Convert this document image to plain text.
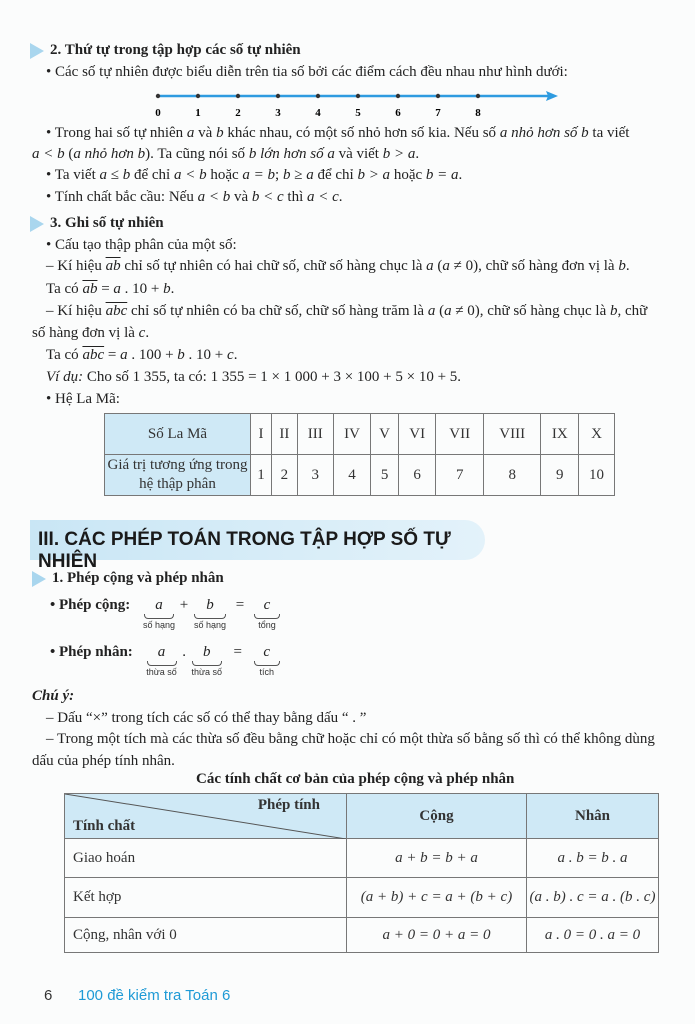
2. Thứ tự trong tập hợp các số tự nhiên
• Các số tự nhiên được biểu diễn trên tia số bởi các điểm cách đều nhau như hình dưới:
0	1	2	3	4	5	6	7	8
• Trong hai số tự nhiên a và b khác nhau, có một số nhỏ hơn số kia. Nếu số a nhỏ hơn số b ta viết
a < b (a nhỏ hơn b). Ta cũng nói số b lớn hơn số a và viết b > a.
• Ta viết a ≤ b để chỉ a < b hoặc a = b; b ≥ a để chỉ b > a hoặc b = a.
• Tính chất bắc cầu: Nếu a < b và b < c thì a < c.
3. Ghi số tự nhiên
• Cấu tạo thập phân của một số:
– Kí hiệu $\overline{ab}$ chỉ số tự nhiên có hai chữ số, chữ số hàng chục là a (a ≠ 0), chữ số hàng đơn vị là b.
Ta có $\overline{ab} = a$ . 10 + b.
– Kí hiệu $\overline{abc}$ chỉ số tự nhiên có ba chữ số, chữ số hàng trăm là a (a ≠ 0), chữ số hàng chục là b, chữ
số hàng đơn vị là c.
Ta có $\overline{abc} = a$ . 100 + b . 10 + c.
Ví dụ: Cho số 1 355, ta có: 1 355 = 1 × 1 000 + 3 × 100 + 5 × 10 + 5.
• Hệ La Mã:
Số La Mã	I	II	III	IV	V	VI	VII	VIII	IX	X
Giá trị tương ứng trong hệ thập phân	1	2	3	4	5	6	7	8	9	10
III. CÁC PHÉP TOÁN TRONG TẬP HỢP SỐ TỰ NHIÊN
1. Phép cộng và phép nhân
• Phép cộng:	a
số hạng
+	b
số hạng
=	c
tổng
• Phép nhân:	a
thừa số
.	b
thừa số
=	c
tích
Chú ý:
– Dấu “×” trong tích các số có thể thay bằng dấu “ . ”
– Trong một tích mà các thừa số đều bằng chữ hoặc chỉ có một thừa số bằng số thì có thể không dùng
dấu của phép tính nhân.
Các tính chất cơ bản của phép cộng và phép nhân
Phép tính
Tính chất	Cộng	Nhân
Giao hoán	a + b = b + a	a . b = b . a
Kết hợp	(a + b) + c = a + (b + c)	(a . b) . c = a . (b . c)
Cộng, nhân với 0	a + 0 = 0 + a = 0	a . 0 = 0 . a = 0
6 100 đề kiểm tra Toán 6
